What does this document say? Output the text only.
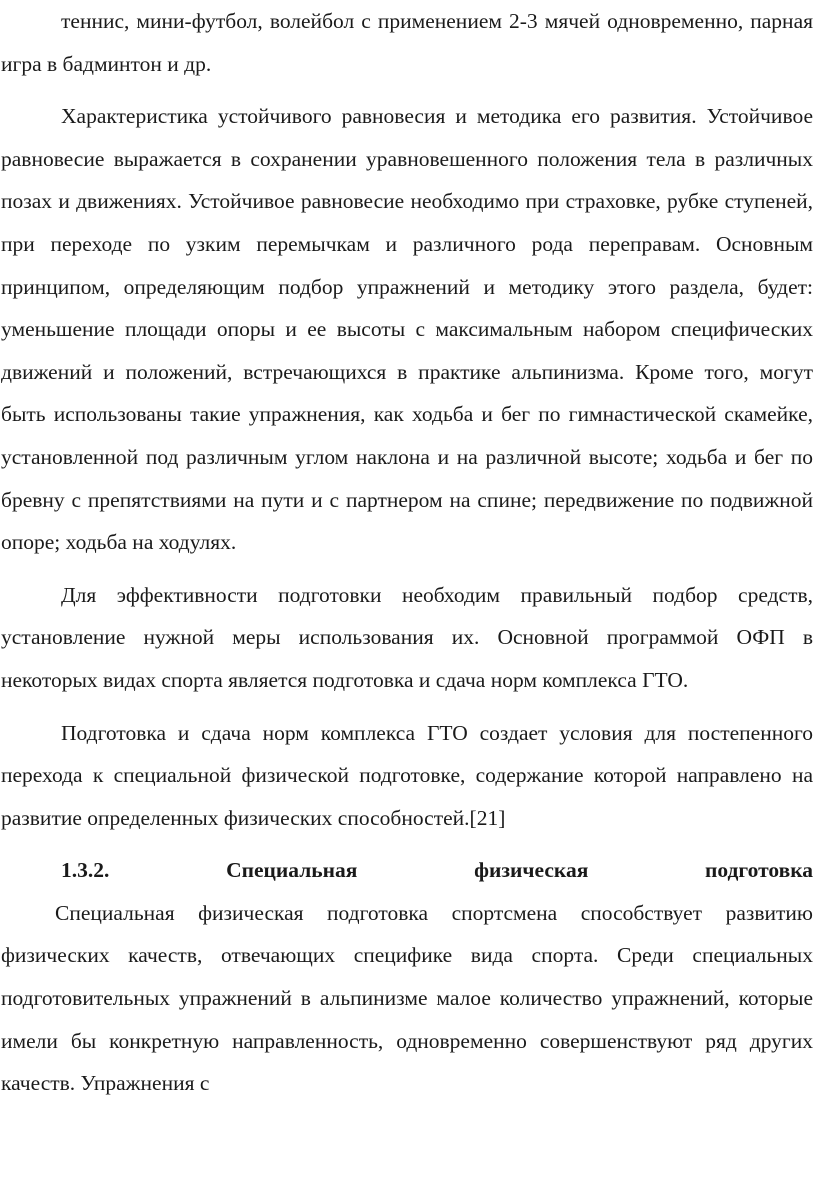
теннис, мини-футбол, волейбол с применением 2-3 мячей одновременно, парная игра в бадминтон и др.

Характеристика устойчивого равновесия и методика его развития. Устойчивое равновесие выражается в сохранении уравновешенного положения тела в различных позах и движениях. Устойчивое равновесие необходимо при страховке, рубке ступеней, при переходе по узким перемычкам и различного рода переправам. Основным принципом, определяющим подбор упражнений и методику этого раздела, будет: уменьшение площади опоры и ее высоты с максимальным набором специфических движений и положений, встречающихся в практике альпинизма. Кроме того, могут быть использованы такие упражнения, как ходьба и бег по гимнастической скамейке, установленной под различным углом наклона и на различной высоте; ходьба и бег по бревну с препятствиями на пути и с партнером на спине; передвижение по подвижной опоре; ходьба на ходулях.

Для эффективности подготовки необходим правильный подбор средств, установление нужной меры использования их. Основной программой ОФП в некоторых видах спорта является подготовка и сдача норм комплекса ГТО.

Подготовка и сдача норм комплекса ГТО создает условия для постепенного перехода к специальной физической подготовке, содержание которой направлено на развитие определенных физических способностей.[21]

1.3.2.	Специальная физическая подготовка

Специальная физическая подготовка спортсмена способствует развитию физических качеств, отвечающих специфике вида спорта. Среди специальных подготовительных упражнений в альпинизме малое количество упражнений, которые имели бы конкретную направленность, одновременно совершенствуют ряд других качеств. Упражнения с
